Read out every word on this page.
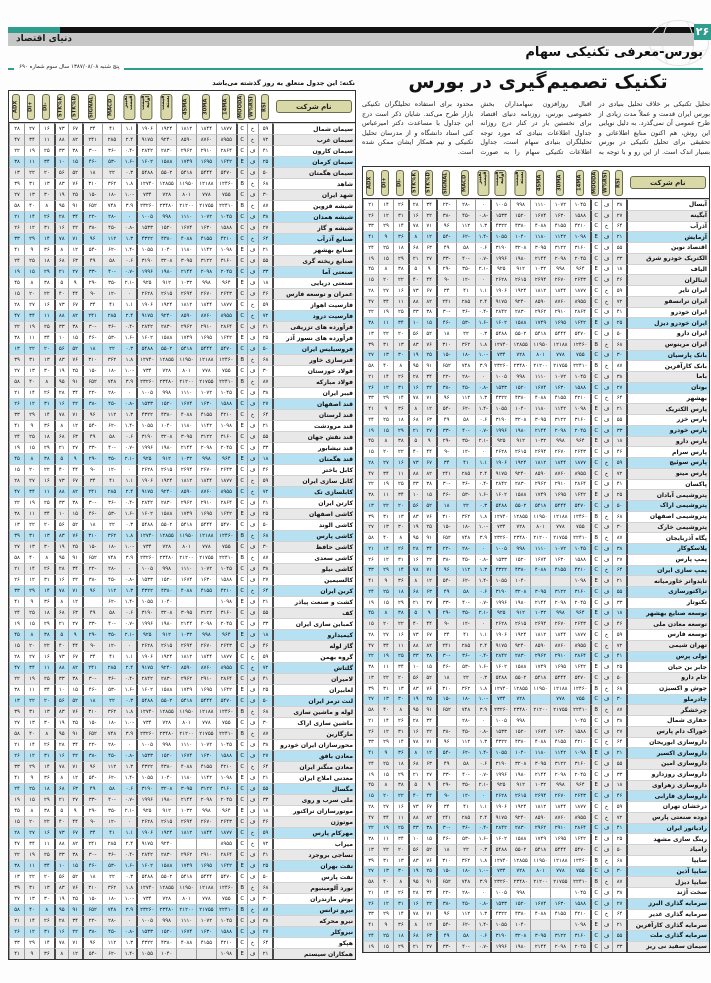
۲۶
دنیای اقتصاد
بورس-معرفی تکنیکی سهام
پنج شنبه ۱۳۸۷/۰۸/۰۸ سال سوم شماره ۶۹۰
تکنیک تصمیم‌گیری در بورس
نکته: این جدول متعلق به روز گذشته می‌باشد
تحلیل تکنیکی بر خلاف تحلیل بنیادی در بورس ایران قدمت و عملاً مدت زیادی از طرح عمومی آن نمی‌گذرد. به دلیل نوپایی این روش، هم اکنون منابع اطلاعاتی و تحقیقی برای تحلیل تکنیکی در بورس بسیار اندک است. از این رو و با توجه به اقبال روزافزون سهامداران بخش خصوصی بورس، روزنامه دنیای اقتصاد برای نخستین بار در کنار درج روزانه جداول اطلاعات بنیادی که مورد توجه تحلیلگران بنیادی سهام است، جداول اطلاعات تکنیکی سهام را به صورت محدود برای استفاده تحلیلگران تکنیکی بازار طرح می‌کند. شایان ذکر است درج این جداول با مساعدت دکتر امیرعباس کنی استاد دانشگاه و از مدرسان تحلیل تکنیکی و تیم همکار ایشان ممکن شده است.
نام شرکت
RSI
W%RSI
MOODA
14MA
30MA
45MA
قیمت بسته
قیمت اولیه
تغییر قیمت
MACD
SIGNAL
STK%D
STK%K
-DI
+DI
ADX
آبسال
۳۸
ف
C
۱۰۴۵
۱۰۷۲
۱۱۱۰
۹۹۸
۱۰۰۵
۰
-۲۸
-۲۲
۳۴
۲۸
۲۶
۱۴
۲۱
آبگینه
۲۷
ف
C
۱۵۸۸
۱۶۳۰
۱۶۷۴
۱۵۲۰
۱۵۳۳
-۰.۸
-۴۵
-۳۸
۲۲
۱۶
۳۱
۱۲
۲۶
آذرآب
۶۴
خ
C
۴۲۱۰
۴۱۵۵
۴۰۸۸
۴۳۸۰
۴۳۲۲
۱.۳
۱۱۲
۹۶
۷۱
۷۸
۱۴
۲۹
۳۳
آزمایش
۲۱
ف
E
۱۰۹۸
۱۱۴۲
۱۱۸۰
۱۰۴۰
۱۰۵۵
-۱.۴
-۶۲
-۵۴
۱۲
۸
۳۶
۹
۴۱
اقتصاد نوین
۵۵
ف
C
۳۱۶۰
۳۱۲۲
۳۰۹۵
۳۲۰۸
۳۱۹۰
۰.۶
۵۸
۴۹
۶۳
۶۸
۱۸
۲۵
۲۴
الکتریک خودرو شرق
۳۳
ف
C
۲۰۴۵
۲۰۹۸
۲۱۴۴
۱۹۸۰
۱۹۹۶
-۰.۷
-۴۰
-۳۳
۲۷
۲۱
۲۹
۱۵
۱۹
الیاف
۱۸
ف
E
۹۶۴
۹۹۸
۱۰۳۲
۹۱۲
۹۲۵
-۲.۱
-۳۵
-۲۹
۹
۵
۳۸
۸
۴۵
ایتالران
۴۶
ف
C
۲۶۴۳
۲۶۷۰
۲۶۹۴
۲۶۱۵
۲۶۲۸
۰
-۱۲
-۹
۴۴
۴۰
۲۲
۲۰
۱۵
ایران تایر
۵۹
خ
C
۱۸۷۷
۱۸۴۴
۱۸۱۲
۱۹۲۴
۱۹۰۶
۱.۱
۴۱
۳۴
۶۷
۷۳
۱۶
۲۷
۲۸
ایران ترانسفو
۷۲
خ
C
۸۹۵۵
۸۷۶۰
۸۵۹۰
۹۲۴۰
۹۱۷۵
۲.۴
۲۸۵
۲۴۱
۸۲
۸۸
۱۱
۳۴
۴۷
ایران خودرو
۴۱
ف
C
۲۸۶۴
۲۹۱۰
۲۹۶۲
۲۸۳۰
۲۸۴۲
-۰.۴
-۳۶
-۳۰
۳۸
۳۳
۲۵
۱۹
۲۲
ایران خودرو دیزل
۲۵
ف
E
۱۶۴۲
۱۶۹۵
۱۷۴۹
۱۵۸۸
۱۶۰۲
-۱.۶
-۵۳
-۴۶
۱۵
۱۰
۳۴
۱۱
۳۸
ایران دارو
۵۰
ف
C
۵۴۷۰
۵۴۴۴
۵۴۱۸
۵۵۰۲
۵۴۸۸
۰.۳
۲۲
۱۸
۵۲
۵۶
۲۰
۲۲
۱۳
ایران مرینوس
۶۸
خ
B
۱۲۴۶۰
۱۲۱۸۸
۱۱۹۵۰
۱۲۸۵۵
۱۲۷۴۰
۱.۸
۳۶۲
۳۱۰
۷۶
۸۳
۱۳
۳۱
۳۹
بانک پارسیان
۳۰
ف
C
۷۵۵
۷۷۸
۸۰۱
۷۲۸
۷۳۴
-۱.۰
-۱۸
-۱۵
۲۵
۱۹
۳۰
۱۳
۲۷
بانک کارآفرین
۸۷
خ
B
۲۲۴۱۰
۲۱۷۵۵
۲۱۲۰۰
۲۳۴۸۰
۲۳۲۶۰
۳.۹
۷۴۸
۶۵۲
۹۱
۹۵
۸
۴۰
۵۸
باما
۳۸
ف
C
۱۰۴۵
۱۰۷۲
۱۱۱۰
۹۹۸
۱۰۰۵
۰
-۲۸
-۲۲
۳۴
۲۸
۲۶
۱۴
۲۱
بوتان
۲۷
ف
C
۱۵۸۸
۱۶۳۰
۱۶۷۴
۱۵۲۰
۱۵۳۳
-۰.۸
-۴۵
-۳۸
۲۲
۱۶
۳۱
۱۲
۲۶
بهشهر
۶۴
خ
C
۴۲۱۰
۴۱۵۵
۴۰۸۸
۴۳۸۰
۴۳۲۲
۱.۳
۱۱۲
۹۶
۷۱
۷۸
۱۴
۲۹
۳۳
پارس الکتریک
۲۱
ف
E
۱۰۹۸
۱۱۴۲
۱۱۸۰
۱۰۴۰
۱۰۵۵
-۱.۴
-۶۲
-۵۴
۱۲
۸
۳۶
۹
۴۱
پارس خزر
۵۵
ف
C
۳۱۶۰
۳۱۲۲
۳۰۹۵
۳۲۰۸
۳۱۹۰
۰.۶
۵۸
۴۹
۶۳
۶۸
۱۸
۲۵
۲۴
پارس خودرو
۳۳
ف
C
۲۰۴۵
۲۰۹۸
۲۱۴۴
۱۹۸۰
۱۹۹۶
-۰.۷
-۴۰
-۳۳
۲۷
۲۱
۲۹
۱۵
۱۹
پارس دارو
۱۸
ف
E
۹۶۴
۹۹۸
۱۰۳۲
۹۱۲
۹۲۵
-۲.۱
-۳۵
-۲۹
۹
۵
۳۸
۸
۴۵
پارس سرام
۴۶
ف
C
۲۶۴۳
۲۶۷۰
۲۶۹۴
۲۶۱۵
۲۶۲۸
۰
-۱۲
-۹
۴۴
۴۰
۲۲
۲۰
۱۵
پارس سوئیچ
۵۹
خ
C
۱۸۷۷
۱۸۴۴
۱۸۱۲
۱۹۲۴
۱۹۰۶
۱.۱
۴۱
۳۴
۶۷
۷۳
۱۶
۲۷
۲۸
پارس مینو
۷۲
خ
C
۸۹۵۵
۸۷۶۰
۸۵۹۰
۹۲۴۰
۹۱۷۵
۲.۴
۲۸۵
۲۴۱
۸۲
۸۸
۱۱
۳۴
۴۷
پاکسان
۴۱
ف
C
۲۸۶۴
۲۹۱۰
۲۹۶۲
۲۸۳۰
۲۸۴۲
-۰.۴
-۳۶
-۳۰
۳۸
۳۳
۲۵
۱۹
۲۲
پتروشیمی آبادان
۲۵
ف
E
۱۶۴۲
۱۶۹۵
۱۷۴۹
۱۵۸۸
۱۶۰۲
-۱.۶
-۵۳
-۴۶
۱۵
۱۰
۳۴
۱۱
۳۸
پتروشیمی اراک
۵۰
ف
C
۵۴۷۰
۵۴۴۴
۵۴۱۸
۵۵۰۲
۵۴۸۸
۰.۳
۲۲
۱۸
۵۲
۵۶
۲۰
۲۲
۱۳
پتروشیمی اصفهان
۶۸
خ
B
۱۲۴۶۰
۱۲۱۸۸
۱۱۹۵۰
۱۲۸۵۵
۱۲۷۴۰
۱.۸
۳۶۲
۳۱۰
۷۶
۸۳
۱۳
۳۱
۳۹
پتروشیمی خارک
۳۰
ف
C
۷۵۵
۷۷۸
۸۰۱
۷۲۸
۷۳۴
-۱.۰
-۱۸
-۱۵
۲۵
۱۹
۳۰
۱۳
۲۷
پگاه آذربایجان
۸۷
خ
B
۲۲۴۱۰
۲۱۷۵۵
۲۱۲۰۰
۲۳۴۸۰
۲۳۲۶۰
۳.۹
۷۴۸
۶۵۲
۹۱
۹۵
۸
۴۰
۵۸
پلاسکوکار
۳۸
ف
C
۱۰۴۵
۱۰۷۲
۱۱۱۰
۹۹۸
۱۰۰۵
۰
-۲۸
-۲۲
۳۴
۲۸
۲۶
۱۴
۲۱
پمپ پارس
۲۷
ف
C
۱۵۸۸
۱۶۳۰
۱۶۷۴
۱۵۲۰
۱۵۳۳
-۰.۸
-۴۵
-۳۸
۲۲
۱۶
۳۱
۱۲
۲۶
پمپ سازی ایران
۶۴
خ
C
۴۲۱۰
۴۱۵۵
۴۰۸۸
۴۳۸۰
۴۳۲۲
۱.۳
۱۱۲
۹۶
۷۱
۷۸
۱۴
۲۹
۳۳
تایدواتر خاورمیانه
۲۱
ف
E
۱۰۹۸
۱۰۴۰
۱۰۵۵
-۱.۴
-۶۲
-۵۴
۱۲
۸
۳۶
۹
۴۱
تراکتورسازی
۵۵
ف
C
۳۱۶۰
۳۱۲۲
۳۰۹۵
۳۲۰۸
۳۱۹۰
۰.۶
۵۸
۴۹
۶۳
۶۸
۱۸
۲۵
۲۴
تکنوتار
۳۳
ف
C
۲۰۴۵
۲۰۹۸
۲۱۴۴
۱۹۸۰
۱۹۹۶
-۰.۷
-۴۰
-۳۳
۲۷
۲۱
۲۹
۱۵
۱۹
توسعه صنایع بهشهر
۱۸
ف
E
۹۶۴
۹۹۸
۱۰۳۲
۹۱۲
۹۲۵
-۲.۱
-۳۵
-۲۹
۹
۵
۳۸
۸
۴۵
توسعه معادن ملی
۴۶
ف
C
۲۶۴۳
۲۶۷۰
۲۶۹۴
۲۶۱۵
۲۶۲۸
۰
-۱۲
-۹
۴۴
۴۰
۲۲
۲۰
۱۵
توسعه فارس
۵۹
خ
C
۱۸۷۷
۱۸۴۴
۱۸۱۲
۱۹۲۴
۱۹۰۶
۱.۱
۴۱
۳۴
۶۷
۷۳
۱۶
۲۷
۲۸
تهران شیمی
۷۲
خ
C
۸۹۵۵
۸۷۶۰
۸۵۹۰
۹۲۴۰
۹۱۷۵
۲.۴
۲۸۵
۲۴۱
۸۲
۸۸
۱۱
۳۴
۴۷
تولی پرس
۴۱
ف
C
۲۸۶۴
۲۹۱۰
۲۹۶۲
۲۸۳۰
۲۸۴۲
-۰.۴
-۳۶
-۳۰
۳۸
۳۳
۲۵
۱۹
۲۲
جابر بن حیان
۲۵
ف
E
۱۶۴۲
۱۶۹۵
۱۷۴۹
۱۵۸۸
۱۶۰۲
-۱.۶
-۵۳
-۴۶
۱۵
۱۰
۳۴
۱۱
۳۸
جام دارو
۵۰
ف
C
۵۴۷۰
۵۴۴۴
۵۴۱۸
۵۵۰۲
۵۴۸۸
۰.۳
۲۲
۱۸
۵۲
۵۶
۲۰
۲۲
۱۳
جوش و اکسیژن
۶۸
خ
B
۱۲۴۶۰
۱۲۱۸۸
۱۱۹۵۰
۱۲۸۵۵
۱۲۷۴۰
۱.۸
۳۶۲
۳۱۰
۷۶
۸۳
۱۳
۳۱
۳۹
چادرملو
۳۰
ف
C
۷۵۵
۷۷۸
۷۲۸
۷۳۴
-۱.۰
-۱۸
-۱۵
۲۵
۱۹
۳۰
۱۳
۲۷
چرخشگر
۸۷
خ
B
۲۲۴۱۰
۲۱۷۵۵
۲۱۲۰۰
۲۳۴۸۰
۲۳۲۶۰
۳.۹
۷۴۸
۶۵۲
۹۱
۹۵
۸
۴۰
۵۸
حفاری شمال
۳۸
ف
C
۱۰۴۵
۹۹۸
۱۰۰۵
۰
-۲۸
۳۴
۲۸
۲۶
۱۴
۲۱
خوراک دام پارس
۲۷
ف
C
۱۵۸۸
۱۶۳۰
۱۶۷۴
۱۵۲۰
۱۵۳۳
-۰.۸
-۴۵
-۳۸
۲۲
۱۶
۳۱
۱۲
۲۶
داروسازی ابوریحان
۶۴
خ
C
۴۲۱۰
۴۱۵۵
۴۰۸۸
۴۳۸۰
۴۳۲۲
۱.۳
۱۱۲
۹۶
۷۱
۷۸
۱۴
۲۹
۳۳
داروسازی اکسیر
۲۱
ف
E
۱۰۹۸
۱۱۴۲
۱۱۸۰
۱۰۴۰
۱۰۵۵
-۱.۴
-۶۲
-۵۴
۱۲
۸
۳۶
۹
۴۱
داروسازی امین
۵۵
ف
C
۳۱۶۰
۳۱۲۲
۳۰۹۵
۳۲۰۸
۳۱۹۰
۰.۶
۵۸
۴۹
۶۳
۶۸
۱۸
۲۵
۲۴
داروسازی روزدارو
۳۳
ف
C
۲۰۴۵
۲۰۹۸
۲۱۴۴
۱۹۸۰
۱۹۹۶
-۰.۷
-۴۰
-۳۳
۲۷
۲۱
۲۹
۱۵
۱۹
داروسازی زهراوی
۱۸
ف
E
۹۶۴
۹۹۸
۱۰۳۲
۹۱۲
۹۲۵
-۲.۱
-۳۵
-۲۹
۹
۵
۳۸
۸
۴۵
داروسازی فارابی
۴۶
ف
C
۲۶۴۳
۲۶۷۰
۲۶۹۴
۲۶۱۵
۲۶۲۸
۰
-۱۲
-۹
۴۴
۴۰
۲۲
۲۰
۱۵
درخشان تهران
۵۹
خ
C
۱۸۷۷
۱۸۴۴
۱۸۱۲
۱۹۲۴
۱۹۰۶
۱.۱
۴۱
۳۴
۶۷
۷۳
۱۶
۲۷
۲۸
دوده صنعتی پارس
۷۲
خ
C
۸۹۵۵
۸۷۶۰
۸۵۹۰
۹۲۴۰
۹۱۷۵
۲.۴
۲۸۵
۲۴۱
۸۲
۸۸
۱۱
۳۴
۴۷
رادیاتور ایران
۴۱
ف
C
۲۸۶۴
۲۹۱۰
۲۹۶۲
۲۸۳۰
۲۸۴۲
-۰.۴
-۳۶
-۳۰
۳۸
۳۳
۲۵
۱۹
۲۲
رینگ سازی مشهد
۲۵
ف
E
۱۶۴۲
۱۶۹۵
۱۷۴۹
۱۵۸۸
۱۶۰۲
-۱.۶
-۵۳
-۴۶
۱۵
۱۰
۳۴
۱۱
۳۸
زامیاد
۵۰
ف
C
۵۴۷۰
۵۴۴۴
۵۴۱۸
۵۵۰۲
۵۴۸۸
۰.۳
۲۲
۱۸
۵۲
۵۶
۲۰
۲۲
۱۳
سایپا
۶۸
خ
B
۱۲۴۶۰
۱۲۱۸۸
۱۱۹۵۰
۱۲۸۵۵
۱۲۷۴۰
۱.۸
۳۶۲
۳۱۰
۷۶
۸۳
۱۳
۳۱
۳۹
سایپا آذین
۳۰
ف
C
۷۵۵
۷۷۸
۸۰۱
۷۲۸
۷۳۴
-۱.۰
-۱۸
-۱۵
۲۵
۱۹
۳۰
۱۳
۲۷
سایپا دیزل
۸۷
خ
B
۲۲۴۱۰
۲۱۷۵۵
۲۱۲۰۰
۲۳۴۸۰
۲۳۲۶۰
۳.۹
۷۴۸
۶۵۲
۹۱
۹۵
۸
۴۰
۵۸
سخت آژند
۳۸
ف
C
۱۰۴۵
۹۹۸
۱۰۰۵
۰
-۲۸
-۲۲
۳۴
۲۸
۲۶
۱۴
۲۱
سرمایه گذاری البرز
۲۷
ف
C
۱۵۸۸
۱۶۳۰
۱۶۷۴
۱۵۲۰
۱۵۳۳
-۰.۸
-۴۵
-۳۸
۲۲
۱۶
۳۱
۱۲
۲۶
سرمایه گذاری غدیر
۶۴
خ
C
۴۲۱۰
۴۱۵۵
۴۰۸۸
۴۳۸۰
۴۳۲۲
۱.۳
۱۱۲
۹۶
۷۱
۷۸
۱۴
۲۹
۳۳
سرمایه گذاری کارآفرین
۲۱
ف
E
۱۰۹۸
۱۰۴۰
۱۰۵۵
-۱.۴
-۶۲
-۵۴
۱۲
۸
۳۶
۹
۴۱
سرمایه گذاری ملت
۵۵
ف
C
۳۱۶۰
۳۱۲۲
۳۰۹۵
۳۲۰۸
۳۱۹۰
۰.۶
۵۸
۴۹
۶۳
۶۸
۱۸
۲۵
۲۴
سیمان سفید نی ریز
۳۳
ف
C
۲۰۴۵
۲۰۹۸
۲۱۴۴
۱۹۸۰
۱۹۹۶
-۰.۷
-۴۰
-۳۳
۲۷
۲۱
۲۹
۱۵
۱۹
نام شرکت
RSI
W%RSI
MOODA
14MA
30MA
45MA
قیمت بسته
قیمت اولیه
تغییر قیمت
MACD
SIGNAL
STK%D
STK%K
-DI
+DI
ADX
سیمان شمال
۵۹
خ
C
۱۸۷۷
۱۸۴۴
۱۸۱۲
۱۹۲۴
۱۹۰۶
۱.۱
۴۱
۳۴
۶۷
۷۳
۱۶
۲۷
۲۸
سیمان غرب
۷۲
خ
C
۸۹۵۵
۸۷۶۰
۸۵۹۰
۹۲۴۰
۹۱۷۵
۲.۴
۲۸۵
۲۴۱
۸۲
۸۸
۱۱
۳۴
۴۷
سیمان کارون
۴۱
ف
C
۲۸۶۴
۲۹۱۰
۲۹۶۲
۲۸۳۰
۲۸۴۲
-۰.۴
-۳۶
-۳۰
۳۸
۳۳
۲۵
۱۹
۲۲
سیمان کرمان
۲۵
ف
E
۱۶۴۲
۱۶۹۵
۱۷۴۹
۱۵۸۸
۱۶۰۲
-۱.۶
-۵۳
-۴۶
۱۵
۱۰
۳۴
۱۱
۳۸
سیمان هگمتان
۵۰
ف
C
۵۴۷۰
۵۴۴۴
۵۴۱۸
۵۵۰۲
۵۴۸۸
۰.۳
۲۲
۱۸
۵۲
۵۶
۲۰
۲۲
۱۳
شاهد
۶۸
خ
B
۱۲۴۶۰
۱۲۱۸۸
۱۱۹۵۰
۱۲۸۵۵
۱۲۷۴۰
۱.۸
۳۶۲
۳۱۰
۷۶
۸۳
۱۳
۳۱
۳۹
شهد ایران
۳۰
ف
C
۷۵۵
۷۷۸
۸۰۱
۷۲۸
۷۳۴
-۱.۰
-۱۸
-۱۵
۲۵
۱۹
۳۰
۱۳
۲۷
شیشه قزوین
۸۷
خ
B
۲۲۴۱۰
۲۱۷۵۵
۲۱۲۰۰
۲۳۴۸۰
۲۳۲۶۰
۳.۹
۷۴۸
۶۵۲
۹۱
۹۵
۸
۴۰
۵۸
شیشه همدان
۳۸
ف
C
۱۰۴۵
۱۰۷۲
۱۱۱۰
۹۹۸
۱۰۰۵
۰
-۲۸
-۲۲
۳۴
۲۸
۲۶
۱۴
۲۱
شیشه و گاز
۲۷
ف
C
۱۵۸۸
۱۶۳۰
۱۶۷۴
۱۵۲۰
۱۵۳۳
-۰.۸
-۴۵
-۳۸
۲۲
۱۶
۳۱
۱۲
۲۶
صنایع آذرآب
۶۴
خ
C
۴۲۱۰
۴۱۵۵
۴۰۸۸
۴۳۸۰
۴۳۲۲
۱.۳
۱۱۲
۹۶
۷۱
۷۸
۱۴
۲۹
۳۳
صنایع بهشهر
۲۱
ف
E
۱۰۹۸
۱۱۴۲
۱۱۸۰
۱۰۴۰
۱۰۵۵
-۱.۴
-۶۲
-۵۴
۱۲
۸
۳۶
۹
۴۱
صنایع ریخته گری
۵۵
ف
C
۳۱۶۰
۳۱۲۲
۳۰۹۵
۳۲۰۸
۳۱۹۰
۰.۶
۵۸
۴۹
۶۳
۶۸
۱۸
۲۵
۲۴
صنعتی آما
۳۳
ف
C
۲۰۴۵
۲۰۹۸
۲۱۴۴
۱۹۸۰
۱۹۹۶
-۰.۷
-۴۰
-۳۳
۲۷
۲۱
۲۹
۱۵
۱۹
صنعتی دریایی
۱۸
ف
E
۹۶۴
۹۹۸
۱۰۳۲
۹۱۲
۹۲۵
-۲.۱
-۳۵
-۲۹
۹
۵
۳۸
۸
۴۵
عمران و توسعه فارس
۴۶
ف
C
۲۶۴۳
۲۶۷۰
۲۶۹۴
۲۶۱۵
۲۶۲۸
۰
-۱۲
-۹
۴۴
۴۰
۲۲
۲۰
۱۵
فارسیت اهواز
۵۹
خ
C
۱۸۷۷
۱۸۴۴
۱۸۱۲
۱۹۲۴
۱۹۰۶
۱.۱
۴۱
۳۴
۶۷
۷۳
۱۶
۲۷
۲۸
فارسیت درود
۷۲
خ
C
۸۹۵۵
۸۷۶۰
۸۵۹۰
۹۲۴۰
۹۱۷۵
۲.۴
۲۸۵
۲۴۱
۸۲
۸۸
۱۱
۳۴
۴۷
فرآورده های تزریقی
۴۱
ف
C
۲۸۶۴
۲۹۱۰
۲۹۶۲
۲۸۳۰
۲۸۴۲
-۰.۴
-۳۶
-۳۰
۳۸
۳۳
۲۵
۱۹
۲۲
فرآورده های نسوز آذر
۲۵
ف
E
۱۶۴۲
۱۶۹۵
۱۷۴۹
۱۵۸۸
۱۶۰۲
-۱.۶
-۵۳
-۴۶
۱۵
۱۰
۳۴
۱۱
۳۸
فروسیلیس ایران
۵۰
ف
C
۵۴۷۰
۵۴۴۴
۵۴۱۸
۵۵۰۲
۵۴۸۸
۰.۳
۲۲
۱۸
۵۲
۵۶
۲۰
۲۲
۱۳
فنرسازی خاور
۶۸
خ
B
۱۲۴۶۰
۱۲۱۸۸
۱۱۹۵۰
۱۲۸۵۵
۱۲۷۴۰
۱.۸
۳۶۲
۳۱۰
۷۶
۸۳
۱۳
۳۱
۳۹
فولاد خوزستان
۳۰
ف
C
۷۵۵
۷۷۸
۸۰۱
۷۲۸
۷۳۴
-۱.۰
-۱۸
-۱۵
۲۵
۱۹
۳۰
۱۳
۲۷
فولاد مبارکه
۸۷
خ
B
۲۲۴۱۰
۲۱۷۵۵
۲۱۲۰۰
۲۳۴۸۰
۲۳۲۶۰
۳.۹
۷۴۸
۶۵۲
۹۱
۹۵
۸
۴۰
۵۸
فیبر ایران
۳۸
ف
C
۱۰۴۵
۱۰۷۲
۱۱۱۰
۹۹۸
۱۰۰۵
۰
-۲۸
-۲۲
۳۴
۲۸
۲۶
۱۴
۲۱
قند اصفهان
۲۷
ف
C
۱۵۸۸
۱۶۳۰
۱۶۷۴
۱۵۲۰
۱۵۳۳
-۰.۸
-۴۵
-۳۸
۲۲
۱۶
۳۱
۱۲
۲۶
قند لرستان
۶۴
خ
C
۴۲۱۰
۴۱۵۵
۴۰۸۸
۴۳۸۰
۴۳۲۲
۱.۳
۱۱۲
۹۶
۷۱
۷۸
۱۴
۲۹
۳۳
قند مرودشت
۲۱
ف
E
۱۰۹۸
۱۱۴۲
۱۱۸۰
۱۰۴۰
۱۰۵۵
-۱.۴
-۶۲
-۵۴
۱۲
۸
۳۶
۹
۴۱
قند نقش جهان
۵۵
ف
C
۳۱۶۰
۳۱۲۲
۳۰۹۵
۳۲۰۸
۳۱۹۰
۰.۶
۵۸
۴۹
۶۳
۶۸
۱۸
۲۵
۲۴
قند نیشابور
۳۳
ف
C
۲۰۴۵
۲۰۹۸
۲۱۴۴
۱۹۸۰
۱۹۹۶
-۰.۷
-۴۰
-۳۳
۲۷
۲۱
۲۹
۱۵
۱۹
قند هگمتان
۱۸
ف
E
۹۶۴
۹۹۸
۱۰۳۲
۹۱۲
۹۲۵
-۲.۱
-۳۵
-۲۹
۹
۵
۳۸
۸
۴۵
کابل باختر
۴۶
ف
C
۲۶۴۳
۲۶۷۰
۲۶۹۴
۲۶۱۵
۲۶۲۸
۰
-۱۲
-۹
۴۴
۴۰
۲۲
۲۰
۱۵
کابل سازی ایران
۵۹
خ
C
۱۸۷۷
۱۸۴۴
۱۸۱۲
۱۹۲۴
۱۹۰۶
۱.۱
۴۱
۳۴
۶۷
۷۳
۱۶
۲۷
۲۸
کابلسازی تک
۷۲
خ
C
۸۹۵۵
۸۷۶۰
۸۵۹۰
۹۲۴۰
۹۱۷۵
۲.۴
۲۸۵
۲۴۱
۸۲
۸۸
۱۱
۳۴
۴۷
کارتن ایران
۴۱
ف
C
۲۸۶۴
۲۹۱۰
۲۹۶۲
۲۸۳۰
۲۸۴۲
-۰.۴
-۳۶
-۳۰
۳۸
۳۳
۲۵
۱۹
۲۲
کاشی اصفهان
۲۵
ف
E
۱۶۴۲
۱۶۹۵
۱۷۴۹
۱۵۸۸
۱۶۰۲
-۱.۶
-۵۳
-۴۶
۱۵
۱۰
۳۴
۱۱
۳۸
کاشی الوند
۵۰
ف
C
۵۴۷۰
۵۴۴۴
۵۴۱۸
۵۵۰۲
۵۴۸۸
۰.۳
۲۲
۱۸
۵۲
۵۶
۲۰
۲۲
۱۳
کاشی پارس
۶۸
خ
B
۱۲۴۶۰
۱۲۱۸۸
۱۱۹۵۰
۱۲۸۵۵
۱۲۷۴۰
۱.۸
۳۶۲
۳۱۰
۷۶
۸۳
۱۳
۳۱
۳۹
کاشی حافظ
۳۰
ف
C
۷۵۵
۷۷۸
۸۰۱
۷۲۸
۷۳۴
-۱.۰
-۱۸
-۱۵
۲۵
۱۹
۳۰
۱۳
۲۷
کاشی سعدی
۸۷
خ
B
۲۲۴۱۰
۲۱۷۵۵
۲۱۲۰۰
۲۳۴۸۰
۲۳۲۶۰
۳.۹
۷۴۸
۶۵۲
۹۱
۹۵
۸
۴۰
۵۸
کاشی نیلو
۳۸
ف
C
۱۰۴۵
۱۰۷۲
۱۱۱۰
۹۹۸
۱۰۰۵
۰
-۲۸
-۲۲
۳۴
۲۸
۲۶
۱۴
۲۱
کالسیمین
۲۷
ف
C
۱۵۸۸
۱۶۳۰
۱۶۷۴
۱۵۲۰
۱۵۳۳
-۰.۸
-۴۵
-۳۸
۲۲
۱۶
۳۱
۱۲
۲۶
کربن ایران
۶۴
خ
C
۴۲۱۰
۴۱۵۵
۴۰۸۸
۴۳۸۰
۴۳۲۲
۱.۳
۱۱۲
۹۶
۷۱
۷۸
۱۴
۲۹
۳۳
کشت و صنعت پیاذر
۲۱
ف
E
۱۰۹۸
۱۰۴۰
۱۰۵۵
-۱.۴
-۶۲
۱۲
۸
۳۶
۹
۴۱
کف
۵۵
ف
C
۳۱۶۰
۳۱۲۲
۳۰۹۵
۳۲۰۸
۳۱۹۰
۰.۶
۵۸
۴۹
۶۳
۶۸
۱۸
۲۵
۲۴
کمباین سازی ایران
۳۳
ف
C
۲۰۴۵
۲۰۹۸
۲۱۴۴
۱۹۸۰
۱۹۹۶
-۰.۷
-۴۰
-۳۳
۲۷
۲۱
۲۹
۱۵
۱۹
کیمیدارو
۱۸
ف
E
۹۶۴
۹۹۸
۱۰۳۲
۹۱۲
۹۲۵
-۲.۱
-۳۵
-۲۹
۹
۵
۳۸
۸
۴۵
گاز لوله
۴۶
ف
C
۲۶۴۳
۲۶۷۰
۲۶۹۴
۲۶۱۵
۲۶۲۸
۰
-۱۲
-۹
۴۴
۴۰
۲۲
۲۰
۱۵
گروه بهمن
۵۹
خ
C
۱۸۷۷
۱۸۴۴
۱۸۱۲
۱۹۲۴
۱۹۰۶
۱.۱
۴۱
۳۴
۶۷
۷۳
۱۶
۲۷
۲۸
گلتاش
۷۲
خ
C
۸۹۵۵
۸۷۶۰
۸۵۹۰
۹۲۴۰
۹۱۷۵
۲.۴
۲۸۵
۲۴۱
۸۲
۸۸
۱۱
۳۴
۴۷
لامیران
۴۱
ف
C
۲۸۶۴
۲۹۱۰
۲۹۶۲
۲۸۳۰
۲۸۴۲
-۰.۴
-۳۶
-۳۰
۳۸
۳۳
۲۵
۱۹
۲۲
لعابیران
۲۵
ف
E
۱۶۴۲
۱۶۹۵
۱۷۴۹
۱۵۸۸
۱۶۰۲
-۱.۶
-۵۳
-۴۶
۱۵
۱۰
۳۴
۱۱
۳۸
لنت ترمز ایران
۵۰
ف
C
۵۴۷۰
۵۴۴۴
۵۴۱۸
۵۵۰۲
۵۴۸۸
۰.۳
۲۲
۱۸
۵۲
۵۶
۲۰
۲۲
۱۳
لوله و ماشین سازی
۶۸
خ
B
۱۲۴۶۰
۱۲۱۸۸
۱۱۹۵۰
۱۲۸۵۵
۱۲۷۴۰
۱.۸
۳۶۲
۳۱۰
۷۶
۸۳
۱۳
۳۱
۳۹
ماشین سازی اراک
۳۰
ف
C
۷۵۵
۷۷۸
۸۰۱
۷۲۸
۷۳۴
-۱.۰
-۱۸
-۱۵
۲۵
۱۹
۳۰
۱۳
۲۷
مارگارین
۸۷
خ
B
۲۲۴۱۰
۲۱۷۵۵
۲۱۲۰۰
۲۳۴۸۰
۲۳۲۶۰
۳.۹
۷۴۸
۶۵۲
۹۱
۹۵
۸
۴۰
۵۸
محورسازان ایران خودرو
۳۸
ف
C
۱۰۴۵
۱۰۷۲
۱۱۱۰
۹۹۸
۱۰۰۵
۰
-۲۸
-۲۲
۳۴
۲۸
۲۶
۱۴
۲۱
معادن بافق
۲۷
ف
C
۱۵۸۸
۱۶۳۰
۱۶۷۴
۱۵۲۰
۱۵۳۳
-۰.۸
-۴۵
-۳۸
۲۲
۱۶
۳۱
۱۲
۲۶
معادن منگنز ایران
۶۴
خ
C
۴۲۱۰
۴۱۵۵
۴۰۸۸
۴۳۸۰
۴۳۲۲
۱.۳
۱۱۲
۹۶
۷۱
۷۸
۱۴
۲۹
۳۳
معدنی املاح ایران
۲۱
ف
E
۱۰۹۸
۱۱۴۲
۱۱۸۰
۱۰۴۰
۱۰۵۵
-۱.۴
-۶۲
-۵۴
۱۲
۸
۳۶
۹
۴۱
مگسال
۵۵
ف
C
۳۱۶۰
۳۱۲۲
۳۰۹۵
۳۲۰۸
۳۱۹۰
۰.۶
۵۸
۴۹
۶۳
۶۸
۱۸
۲۵
۲۴
ملی سرب و روی
۳۳
ف
C
۲۰۴۵
۲۰۹۸
۲۱۴۴
۱۹۸۰
۱۹۹۶
-۰.۷
-۴۰
-۳۳
۲۷
۲۱
۲۹
۱۵
۱۹
موتورسازان تراکتور
۱۸
ف
E
۹۶۴
۹۹۸
۱۰۳۲
۹۱۲
۹۲۵
-۲.۱
-۳۵
-۲۹
۹
۵
۳۸
۸
۴۵
موتوژن
۴۶
ف
C
۲۶۴۳
۲۶۷۰
۲۶۹۴
۲۶۱۵
۲۶۲۸
۰
-۱۲
-۹
۴۴
۴۰
۲۲
۲۰
۱۵
مهرکام پارس
۵۹
خ
C
۱۸۷۷
۱۸۴۴
۱۸۱۲
۱۹۲۴
۱۹۰۶
۱.۱
۴۱
۳۴
۶۷
۷۳
۱۶
۲۷
۲۸
میراب
۷۲
خ
C
۸۹۵۵
۹۲۴۰
۹۱۷۵
۲.۴
۲۸۵
۲۴۱
۸۲
۸۸
۱۱
۳۴
۴۷
نساجی بروجرد
۴۱
ف
C
۲۸۶۴
۲۹۱۰
۲۹۶۲
۲۸۳۰
۲۸۴۲
-۰.۴
-۳۶
-۳۰
۳۸
۳۳
۲۵
۱۹
۲۲
نفت بهران
۲۵
ف
E
۱۶۴۲
۱۶۹۵
۱۷۴۹
۱۵۸۸
۱۶۰۲
-۱.۶
-۵۳
-۴۶
۱۵
۱۰
۳۴
۱۱
۳۸
نفت پارس
۵۰
ف
C
۵۴۷۰
۵۴۴۴
۵۴۱۸
۵۵۰۲
۵۴۸۸
۰.۳
۲۲
۱۸
۵۲
۵۶
۲۰
۲۲
۱۳
نورد آلومینیوم
۶۸
خ
B
۱۲۴۶۰
۱۲۱۸۸
۱۱۹۵۰
۱۲۸۵۵
۱۲۷۴۰
۱.۸
۳۶۲
۳۱۰
۷۶
۸۳
۱۳
۳۱
۳۹
نوش مازندران
۳۰
ف
C
۷۵۵
۷۷۸
۸۰۱
۷۲۸
۷۳۴
-۱.۰
-۱۸
-۱۵
۲۵
۱۹
۳۰
۱۳
۲۷
نیرو ترانس
۸۷
خ
B
۲۲۴۱۰
۲۱۷۵۵
۲۱۲۰۰
۲۳۴۸۰
۲۳۲۶۰
۳.۹
۷۴۸
۶۵۲
۹۱
۹۵
۸
۴۰
۵۸
نیرو محرکه
۳۸
ف
C
۱۰۴۵
۱۰۷۲
۱۱۱۰
۹۹۸
۱۰۰۵
۰
-۲۸
-۲۲
۳۴
۲۸
۲۶
۱۴
۲۱
نیروکلر
۲۷
ف
C
۱۵۸۸
۱۶۳۰
۱۶۷۴
۱۵۲۰
۱۵۳۳
-۰.۸
-۴۵
-۳۸
۲۲
۱۶
۳۱
۱۲
۲۶
هپکو
۶۴
خ
C
۴۲۱۰
۴۱۵۵
۴۰۸۸
۴۳۸۰
۴۳۲۲
۱.۳
۱۱۲
۹۶
۷۱
۷۸
۱۴
۲۹
۳۳
همکاران سیستم
۲۱
ف
E
۱۰۹۸
۱۰۴۰
۱۰۵۵
-۱.۴
-۶۲
-۵۴
۱۲
۸
۳۶
۹
۴۱
